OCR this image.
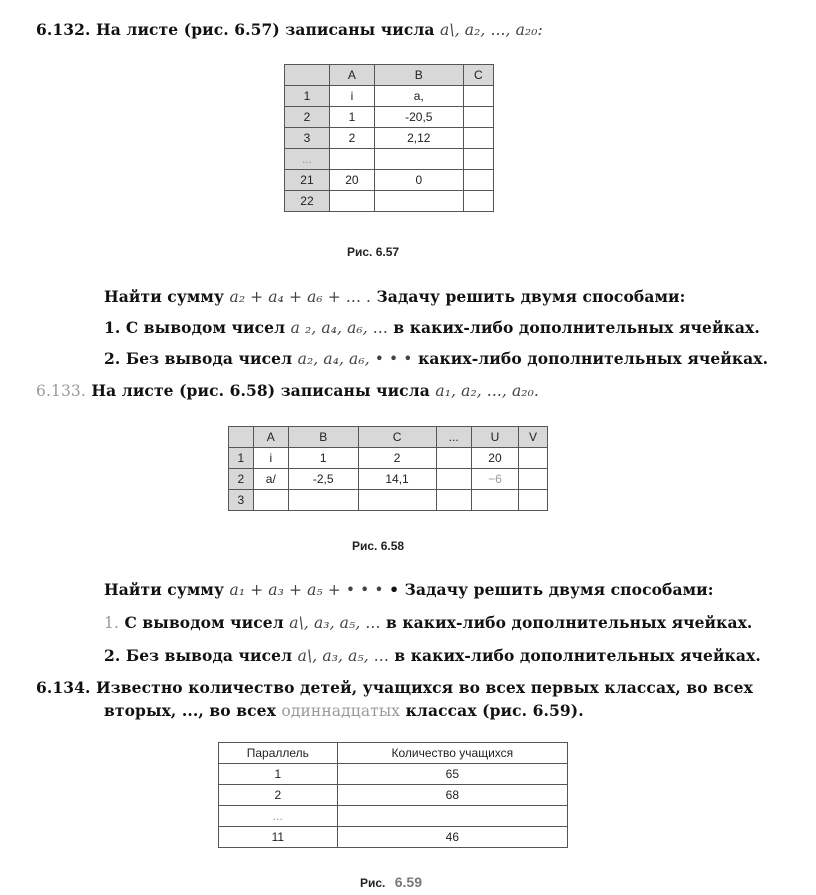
6.132. На листе (рис. 6.57) записаны числа a\, a₂, ..., a₂₀:
	A	B	C
1	i	a,	
2	1	-20,5	
3	2	2,12	
...			
21	20	0	
22			
Рис. 6.57
Найти сумму a₂ + a₄ + a₆ + ... . Задачу решить двумя способами:
1. С выводом чисел a ₂, a₄, a₆, ... в каких-либо дополнительных ячейках.
2. Без вывода чисел a₂, a₄, a₆, • • • каких-либо дополнительных ячейках.
6.133. На листе (рис. 6.58) записаны числа a₁, a₂, ..., a₂₀.
	A	B	C	...	U	V
1	i	1	2		20	
2	a/	-2,5	14,1		−6	
3						
Рис. 6.58
Найти сумму a₁ + a₃ + a₅ + • • • • Задачу решить двумя способами:
1. С выводом чисел a\, a₃, a₅, ... в каких-либо дополнительных ячейках.
2. Без вывода чисел a\, a₃, a₅, ... в каких-либо дополнительных ячейках.
6.134. Известно количество детей, учащихся во всех первых классах, во всех
вторых, ..., во всех одиннадцатых классах (рис. 6.59).
Параллель	Количество учащихся
1	65
2	68
...	
11	46
Рис. 6.59
